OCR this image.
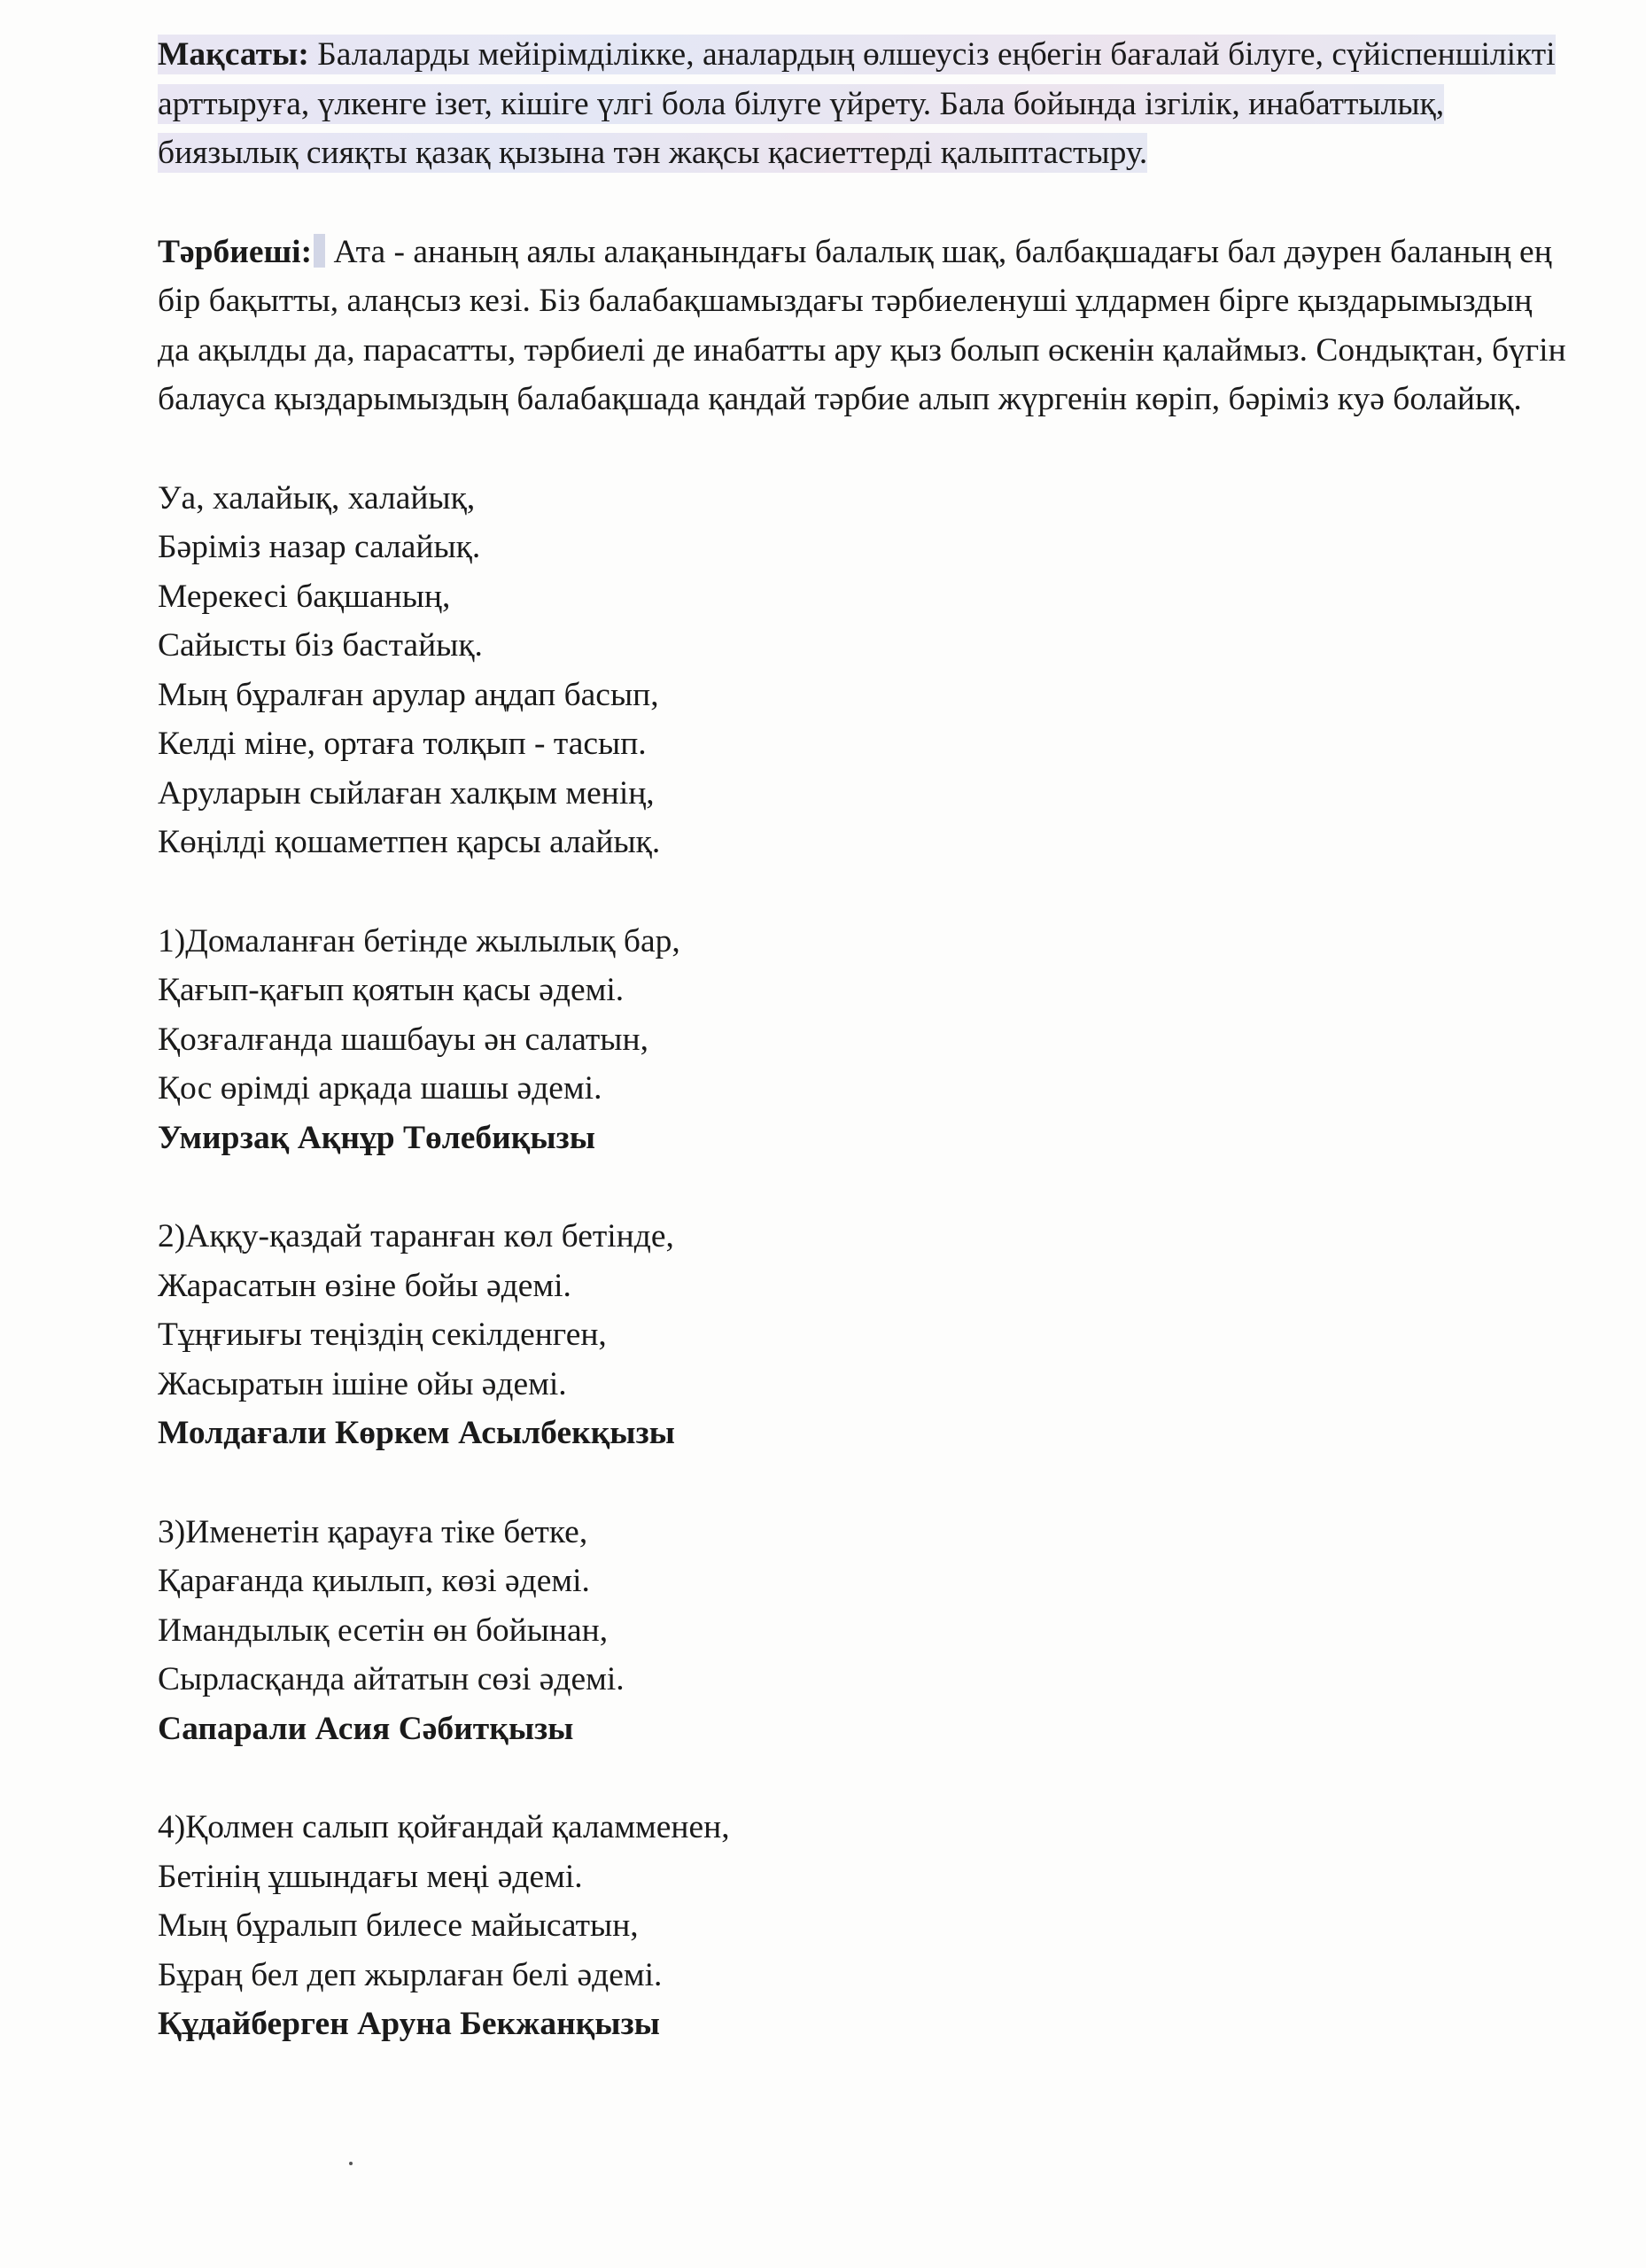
Мақсаты: Балаларды мейірімділікке, аналардың өлшеусіз еңбегін бағалай білуге, сүйіспеншілікті арттыруға, үлкенге ізет, кішіге үлгі бола білуге үйрету. Бала бойында ізгілік, инабаттылық, биязылық сияқты қазақ қызына тән жақсы қасиеттерді қалыптастыру.

Тәрбиеші: Ата - ананың аялы алақанындағы балалық шақ, балбақшадағы бал дәурен баланың ең бір бақытты, алаңсыз кезі. Біз балабақшамыздағы тәрбиеленуші ұлдармен бірге қыздарымыздың да ақылды да, парасатты, тәрбиелі де инабатты ару қыз болып өскенін қалаймыз. Сондықтан, бүгін балауса қыздарымыздың балабақшада қандай тәрбие алып жүргенін көріп, бәріміз куә болайық.

Уа, халайық, халайық,
Бәріміз назар салайық.
Мерекесі бақшаның,
Сайысты біз бастайық.
Мың бұралған арулар аңдап басып,
Келді міне, ортаға толқып - тасып.
Аруларын сыйлаған халқым менің,
Көңілді қошаметпен қарсы алайық.
1)Домаланған бетінде жылылық бар,
Қағып-қағып қоятын қасы әдемі.
Қозғалғанда шашбауы ән салатын,
Қос өрімді арқада шашы әдемі.
Умирзақ Ақнұр Төлебиқызы
2)Аққу-қаздай таранған көл бетінде,
Жарасатын өзіне бойы әдемі.
Тұңғиығы теңіздің секілденген,
Жасыратын ішіне ойы әдемі.
Молдағали Көркем Асылбекқызы
3)Именетін қарауға тіке бетке,
Қарағанда қиылып, көзі әдемі.
Имандылық есетін өн бойынан,
Сырласқанда айтатын сөзі әдемі.
Сапарали Асия Сәбитқызы
4)Қолмен салып қойғандай қаламменен,
Бетінің ұшындағы меңі әдемі.
Мың бұралып билесе майысатын,
Бұраң бел деп жырлаған белі әдемі.
Құдайберген Аруна Бекжанқызы
